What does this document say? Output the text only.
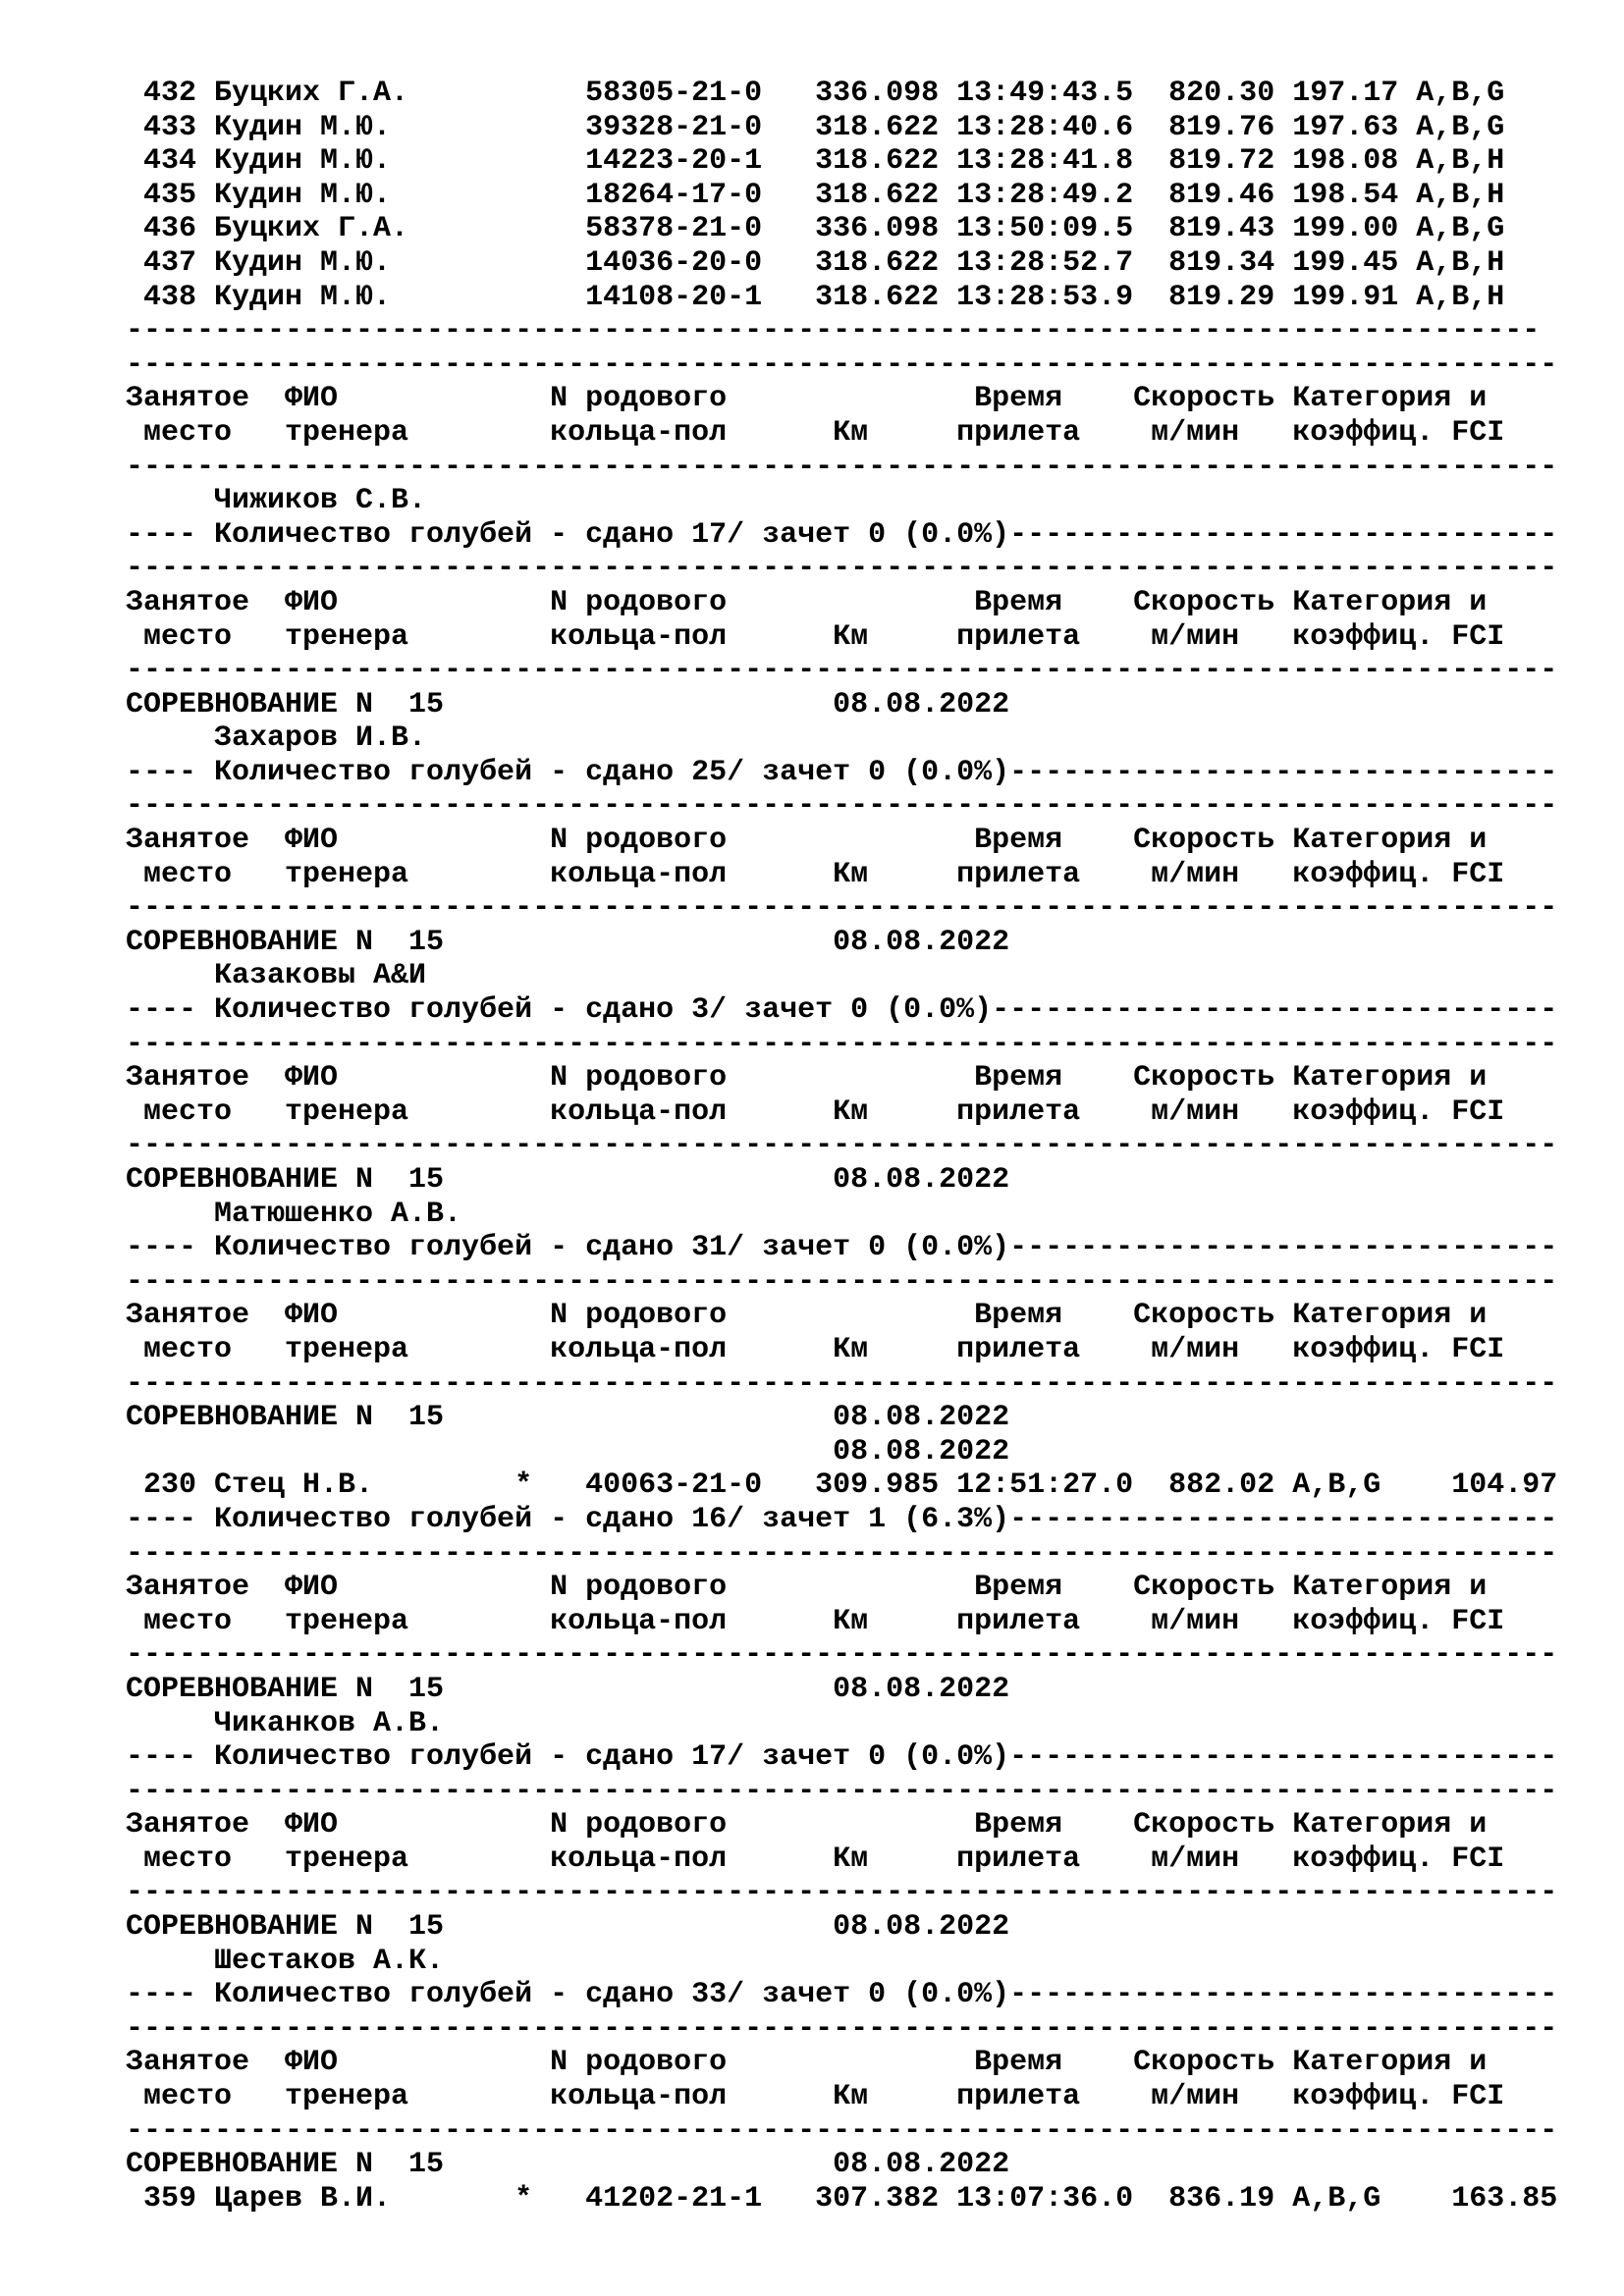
432 Буцких Г.А.          58305-21-0   336.098 13:49:43.5  820.30 197.17 A,B,G
433 Кудин М.Ю.           39328-21-0   318.622 13:28:40.6  819.76 197.63 A,B,G
434 Кудин М.Ю.           14223-20-1   318.622 13:28:41.8  819.72 198.08 A,B,H
435 Кудин М.Ю.           18264-17-0   318.622 13:28:49.2  819.46 198.54 A,B,H
436 Буцких Г.А.          58378-21-0   336.098 13:50:09.5  819.43 199.00 A,B,G
437 Кудин М.Ю.           14036-20-0   318.622 13:28:52.7  819.34 199.45 A,B,H
438 Кудин М.Ю.           14108-20-1   318.622 13:28:53.9  819.29 199.91 A,B,H
--------------------------------------------------------------------------------
---------------------------------------------------------------------------------
Занятое  ФИО            N родового              Время    Скорость Категория и
место   тренера        кольца-пол      Км     прилета    м/мин   коэффиц. FCI
---------------------------------------------------------------------------------
Чижиков С.В.
---- Количество голубей - сдано 17/ зачет 0 (0.0%)-------------------------------
---------------------------------------------------------------------------------
Занятое  ФИО            N родового              Время    Скорость Категория и
место   тренера        кольца-пол      Км     прилета    м/мин   коэффиц. FCI
---------------------------------------------------------------------------------
СОРЕВНОВАНИЕ N  15                      08.08.2022
Захаров И.В.
---- Количество голубей - сдано 25/ зачет 0 (0.0%)-------------------------------
---------------------------------------------------------------------------------
Занятое  ФИО            N родового              Время    Скорость Категория и
место   тренера        кольца-пол      Км     прилета    м/мин   коэффиц. FCI
---------------------------------------------------------------------------------
СОРЕВНОВАНИЕ N  15                      08.08.2022
Казаковы A&И
---- Количество голубей - сдано 3/ зачет 0 (0.0%)--------------------------------
---------------------------------------------------------------------------------
Занятое  ФИО            N родового              Время    Скорость Категория и
место   тренера        кольца-пол      Км     прилета    м/мин   коэффиц. FCI
---------------------------------------------------------------------------------
СОРЕВНОВАНИЕ N  15                      08.08.2022
Матюшенко А.В.
---- Количество голубей - сдано 31/ зачет 0 (0.0%)-------------------------------
---------------------------------------------------------------------------------
Занятое  ФИО            N родового              Время    Скорость Категория и
место   тренера        кольца-пол      Км     прилета    м/мин   коэффиц. FCI
---------------------------------------------------------------------------------
СОРЕВНОВАНИЕ N  15                      08.08.2022
08.08.2022
230 Стец Н.В.        *   40063-21-0   309.985 12:51:27.0  882.02 A,B,G    104.97
---- Количество голубей - сдано 16/ зачет 1 (6.3%)-------------------------------
---------------------------------------------------------------------------------
Занятое  ФИО            N родового              Время    Скорость Категория и
место   тренера        кольца-пол      Км     прилета    м/мин   коэффиц. FCI
---------------------------------------------------------------------------------
СОРЕВНОВАНИЕ N  15                      08.08.2022
Чиканков А.В.
---- Количество голубей - сдано 17/ зачет 0 (0.0%)-------------------------------
---------------------------------------------------------------------------------
Занятое  ФИО            N родового              Время    Скорость Категория и
место   тренера        кольца-пол      Км     прилета    м/мин   коэффиц. FCI
---------------------------------------------------------------------------------
СОРЕВНОВАНИЕ N  15                      08.08.2022
Шестаков А.К.
---- Количество голубей - сдано 33/ зачет 0 (0.0%)-------------------------------
---------------------------------------------------------------------------------
Занятое  ФИО            N родового              Время    Скорость Категория и
место   тренера        кольца-пол      Км     прилета    м/мин   коэффиц. FCI
---------------------------------------------------------------------------------
СОРЕВНОВАНИЕ N  15                      08.08.2022
359 Царев В.И.       *   41202-21-1   307.382 13:07:36.0  836.19 A,B,G    163.85
